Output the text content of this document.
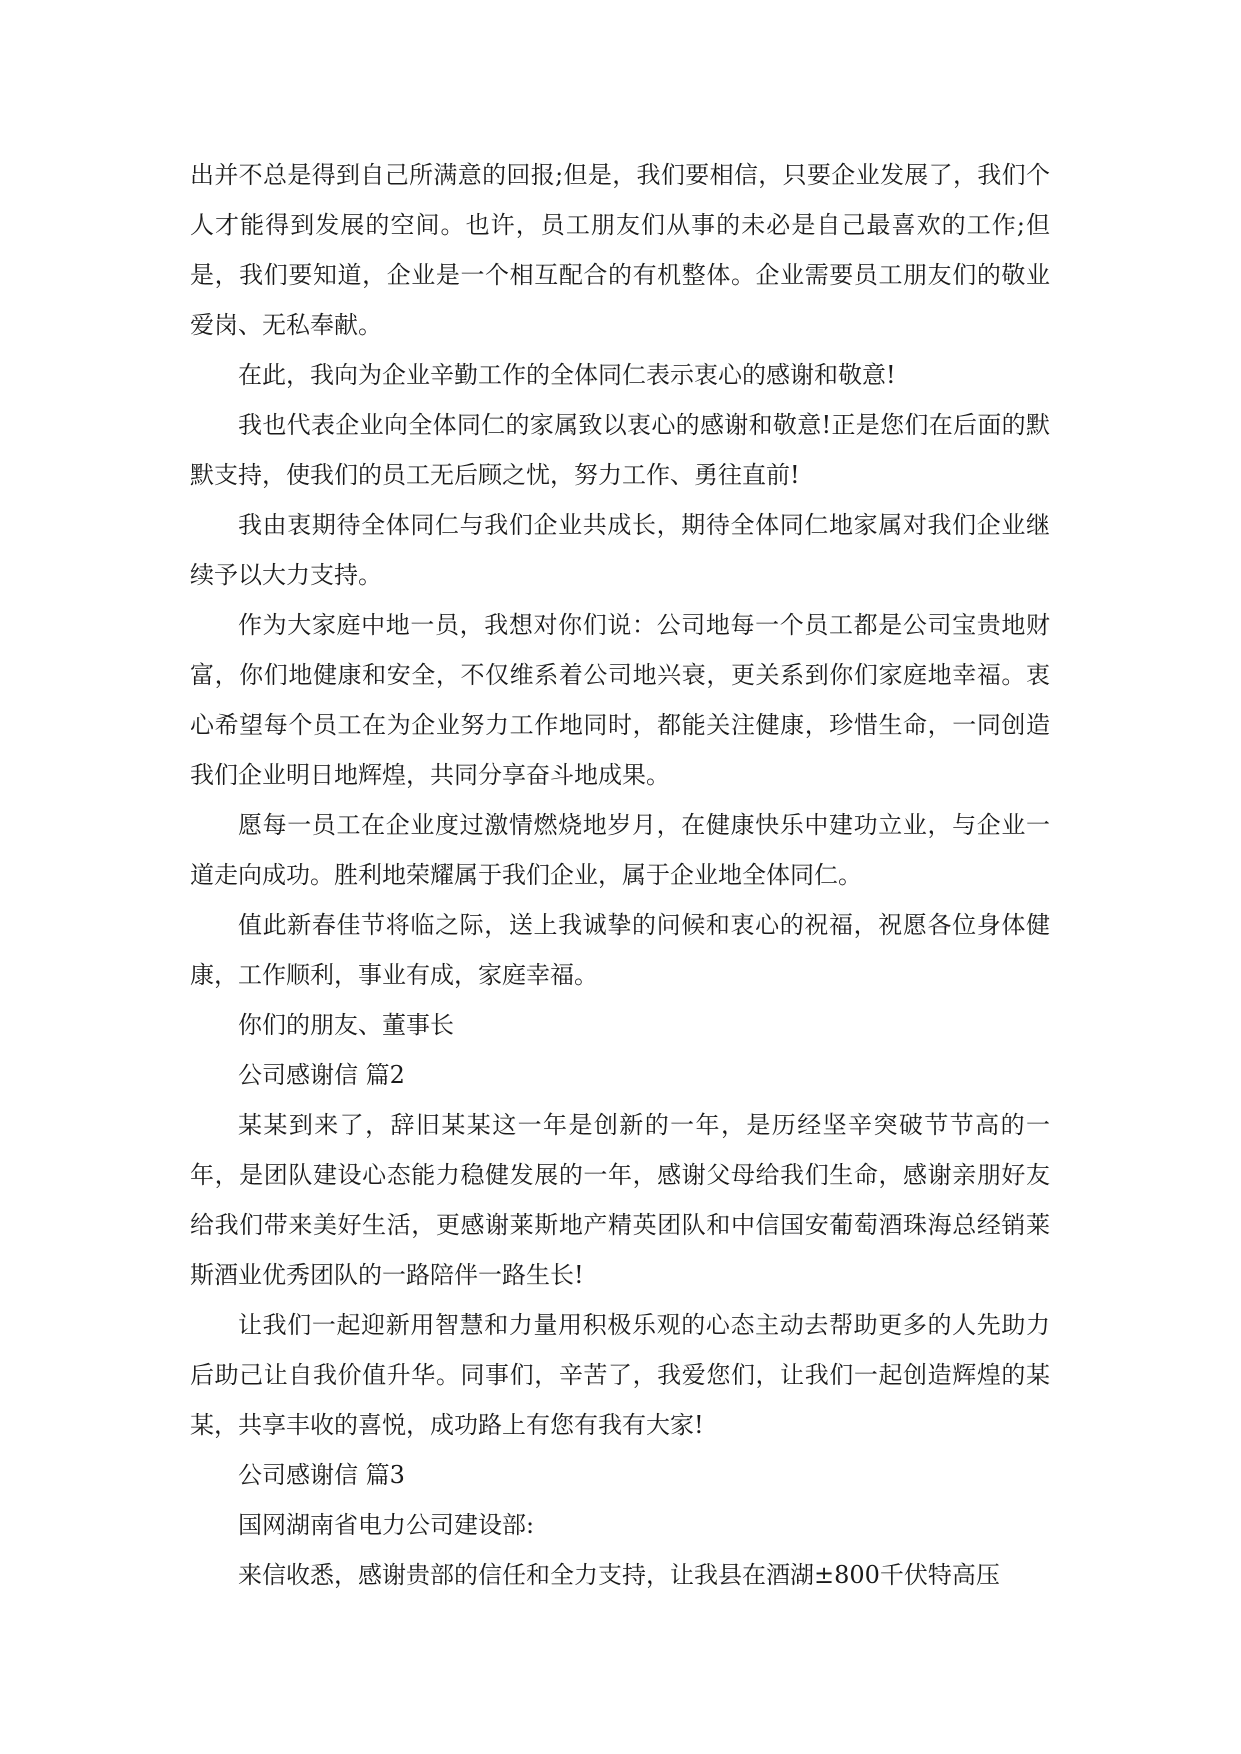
出并不总是得到自己所满意的回报;但是，我们要相信，只要企业发展了，我们个人才能得到发展的空间。也许，员工朋友们从事的未必是自己最喜欢的工作;但是，我们要知道，企业是一个相互配合的有机整体。企业需要员工朋友们的敬业爱岗、无私奉献。

在此，我向为企业辛勤工作的全体同仁表示衷心的感谢和敬意!

我也代表企业向全体同仁的家属致以衷心的感谢和敬意!正是您们在后面的默默支持，使我们的员工无后顾之忧，努力工作、勇往直前!

我由衷期待全体同仁与我们企业共成长，期待全体同仁地家属对我们企业继续予以大力支持。

作为大家庭中地一员，我想对你们说：公司地每一个员工都是公司宝贵地财富，你们地健康和安全，不仅维系着公司地兴衰，更关系到你们家庭地幸福。衷心希望每个员工在为企业努力工作地同时，都能关注健康，珍惜生命，一同创造我们企业明日地辉煌，共同分享奋斗地成果。

愿每一员工在企业度过激情燃烧地岁月，在健康快乐中建功立业，与企业一道走向成功。胜利地荣耀属于我们企业，属于企业地全体同仁。

值此新春佳节将临之际，送上我诚挚的问候和衷心的祝福，祝愿各位身体健康，工作顺利，事业有成，家庭幸福。

你们的朋友、董事长

公司感谢信 篇2

某某到来了，辞旧某某这一年是创新的一年，是历经坚辛突破节节高的一年，是团队建设心态能力稳健发展的一年，感谢父母给我们生命，感谢亲朋好友给我们带来美好生活，更感谢莱斯地产精英团队和中信国安葡萄酒珠海总经销莱斯酒业优秀团队的一路陪伴一路生长!

让我们一起迎新用智慧和力量用积极乐观的心态主动去帮助更多的人先助力后助己让自我价值升华。同事们，辛苦了，我爱您们，让我们一起创造辉煌的某某，共享丰收的喜悦，成功路上有您有我有大家!

公司感谢信 篇3

国网湖南省电力公司建设部:

来信收悉，感谢贵部的信任和全力支持，让我县在酒湖±800千伏特高压
